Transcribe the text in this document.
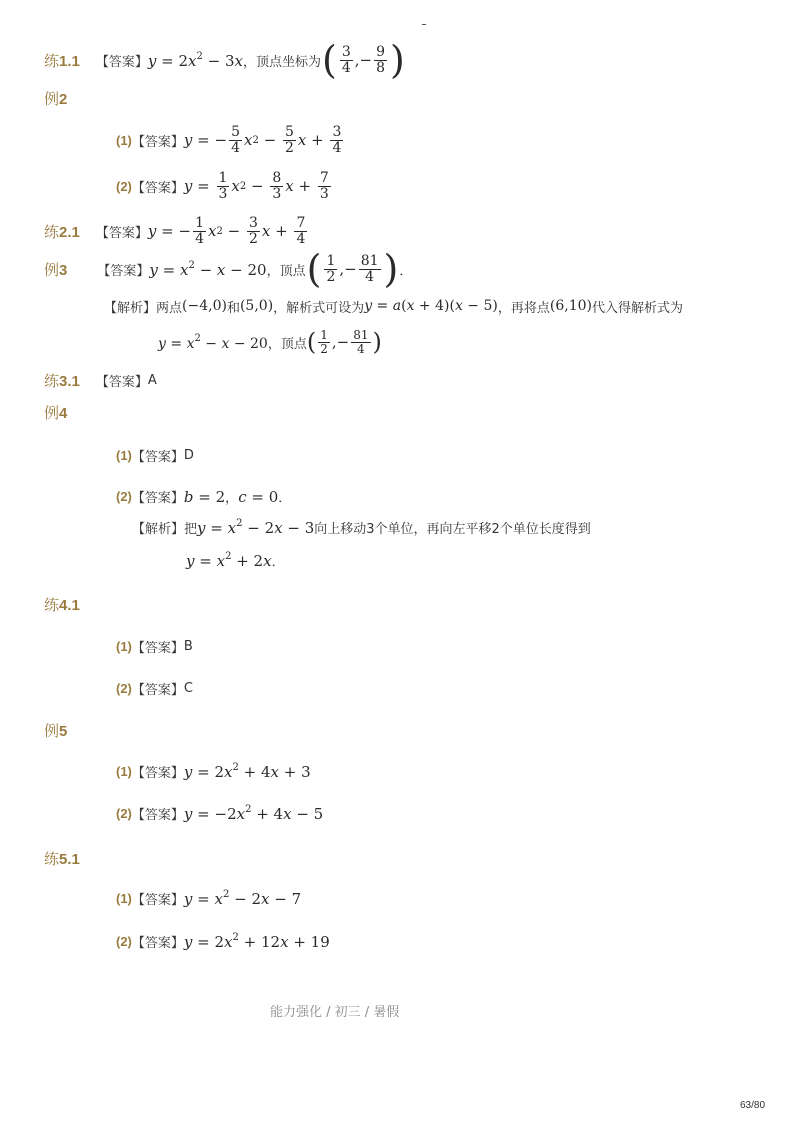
练1.1 【答案】 $y = 2x^2 - 3x$ ，顶点坐标为 ( $\frac{3}{4}$ ,− $\frac{9}{8}$ )
例2
(1) 【答案】 y = − $\frac{5}{4}$ x $2 - \frac{5}{2}$ $x + \frac{3}{4}$
(2) 【答案】 $y = \frac{1}{3}$ x $2 - \frac{8}{3}$ $x + \frac{7}{3}$
练2.1 【答案】 y = − $\frac{1}{4}$ x $2 - \frac{3}{2}$ $x + \frac{7}{4}$
例3 【答案】 $y = x^2 - x - 20$ ，顶点 ( $\frac{1}{2}$ ,− $\frac{81}{4}$ ) ．
【解析】 两点 (−4,0) 和 (5,0) ，解析式可设为 y = a(x + 4)(x − 5) ，再将点 (6,10) 代入得解析式为
$y = x^2 - x - 20$ ，顶点 ( $\frac{1}{2}$ ,− $\frac{81}{4}$ )
练3.1 【答案】 A
例4
(1) 【答案】 D
(2) 【答案】 b = 2 ， c = 0 ．
【解析】 把 $y = x^2 - 2x - 3$ 向上移动3个单位，再向左平移2个单位长度得到
$y = x^2 + 2x$ ．
练4.1
(1) 【答案】 B
(2) 【答案】 C
例5
(1) 【答案】 $y = 2x^2 + 4x + 3$
(2) 【答案】 $y = -2x^2 + 4x - 5$
练5.1
(1) 【答案】 $y = x^2 - 2x - 7$
(2) 【答案】 $y = 2x^2 + 12x + 19$
能力强化 / 初三 / 暑假
63/80
